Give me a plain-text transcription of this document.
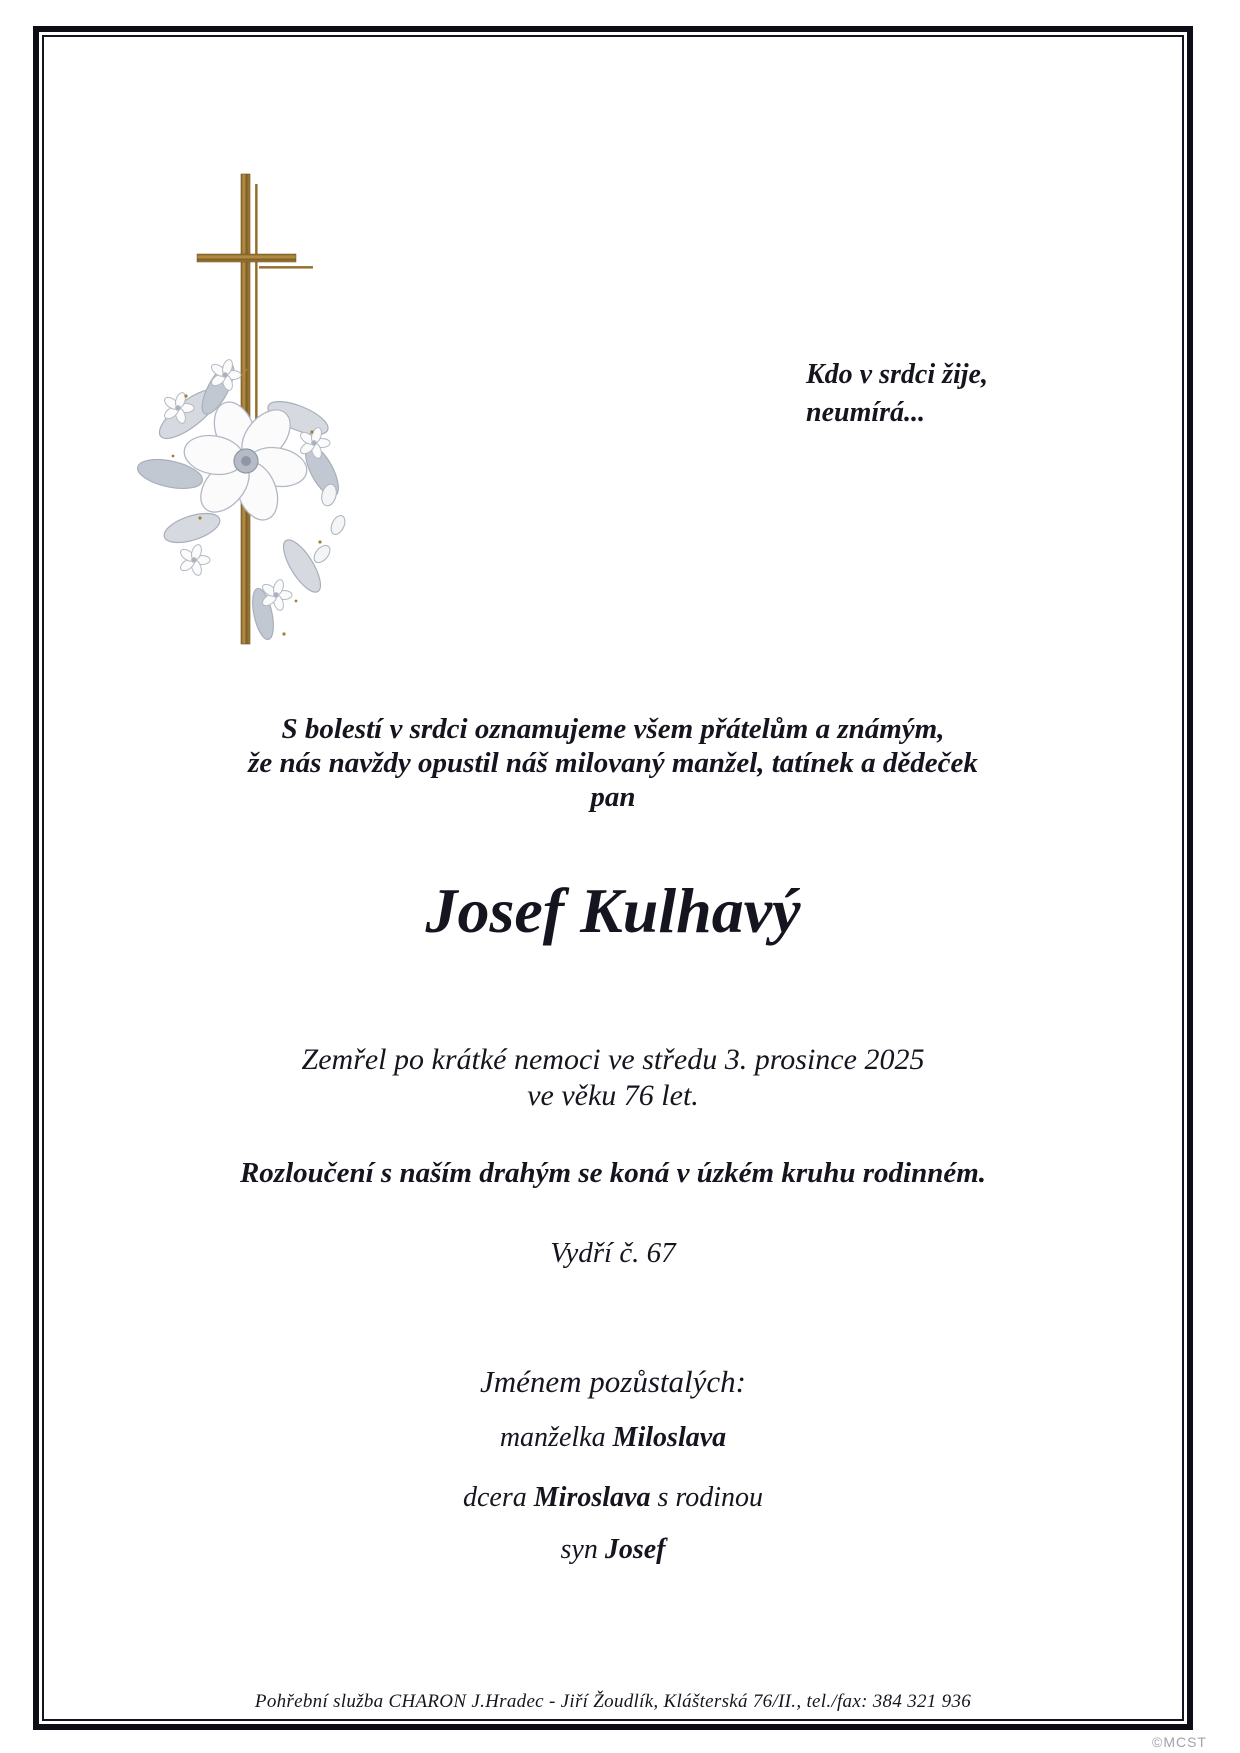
Kdo v srdci žije,
neumírá...
S bolestí v srdci oznamujeme všem přátelům a známým,
že nás navždy opustil náš milovaný manžel, tatínek a dědeček
pan
Josef Kulhavý
Zemřel po krátké nemoci ve středu 3. prosince 2025
ve věku 76 let.
Rozloučení s naším drahým se koná v úzkém kruhu rodinném.
Vydří č. 67
Jménem pozůstalých:
manželka Miloslava
dcera Miroslava s rodinou
syn Josef
Pohřební služba CHARON J.Hradec - Jiří Žoudlík, Klášterská 76/II., tel./fax: 384 321 936
©MCST
